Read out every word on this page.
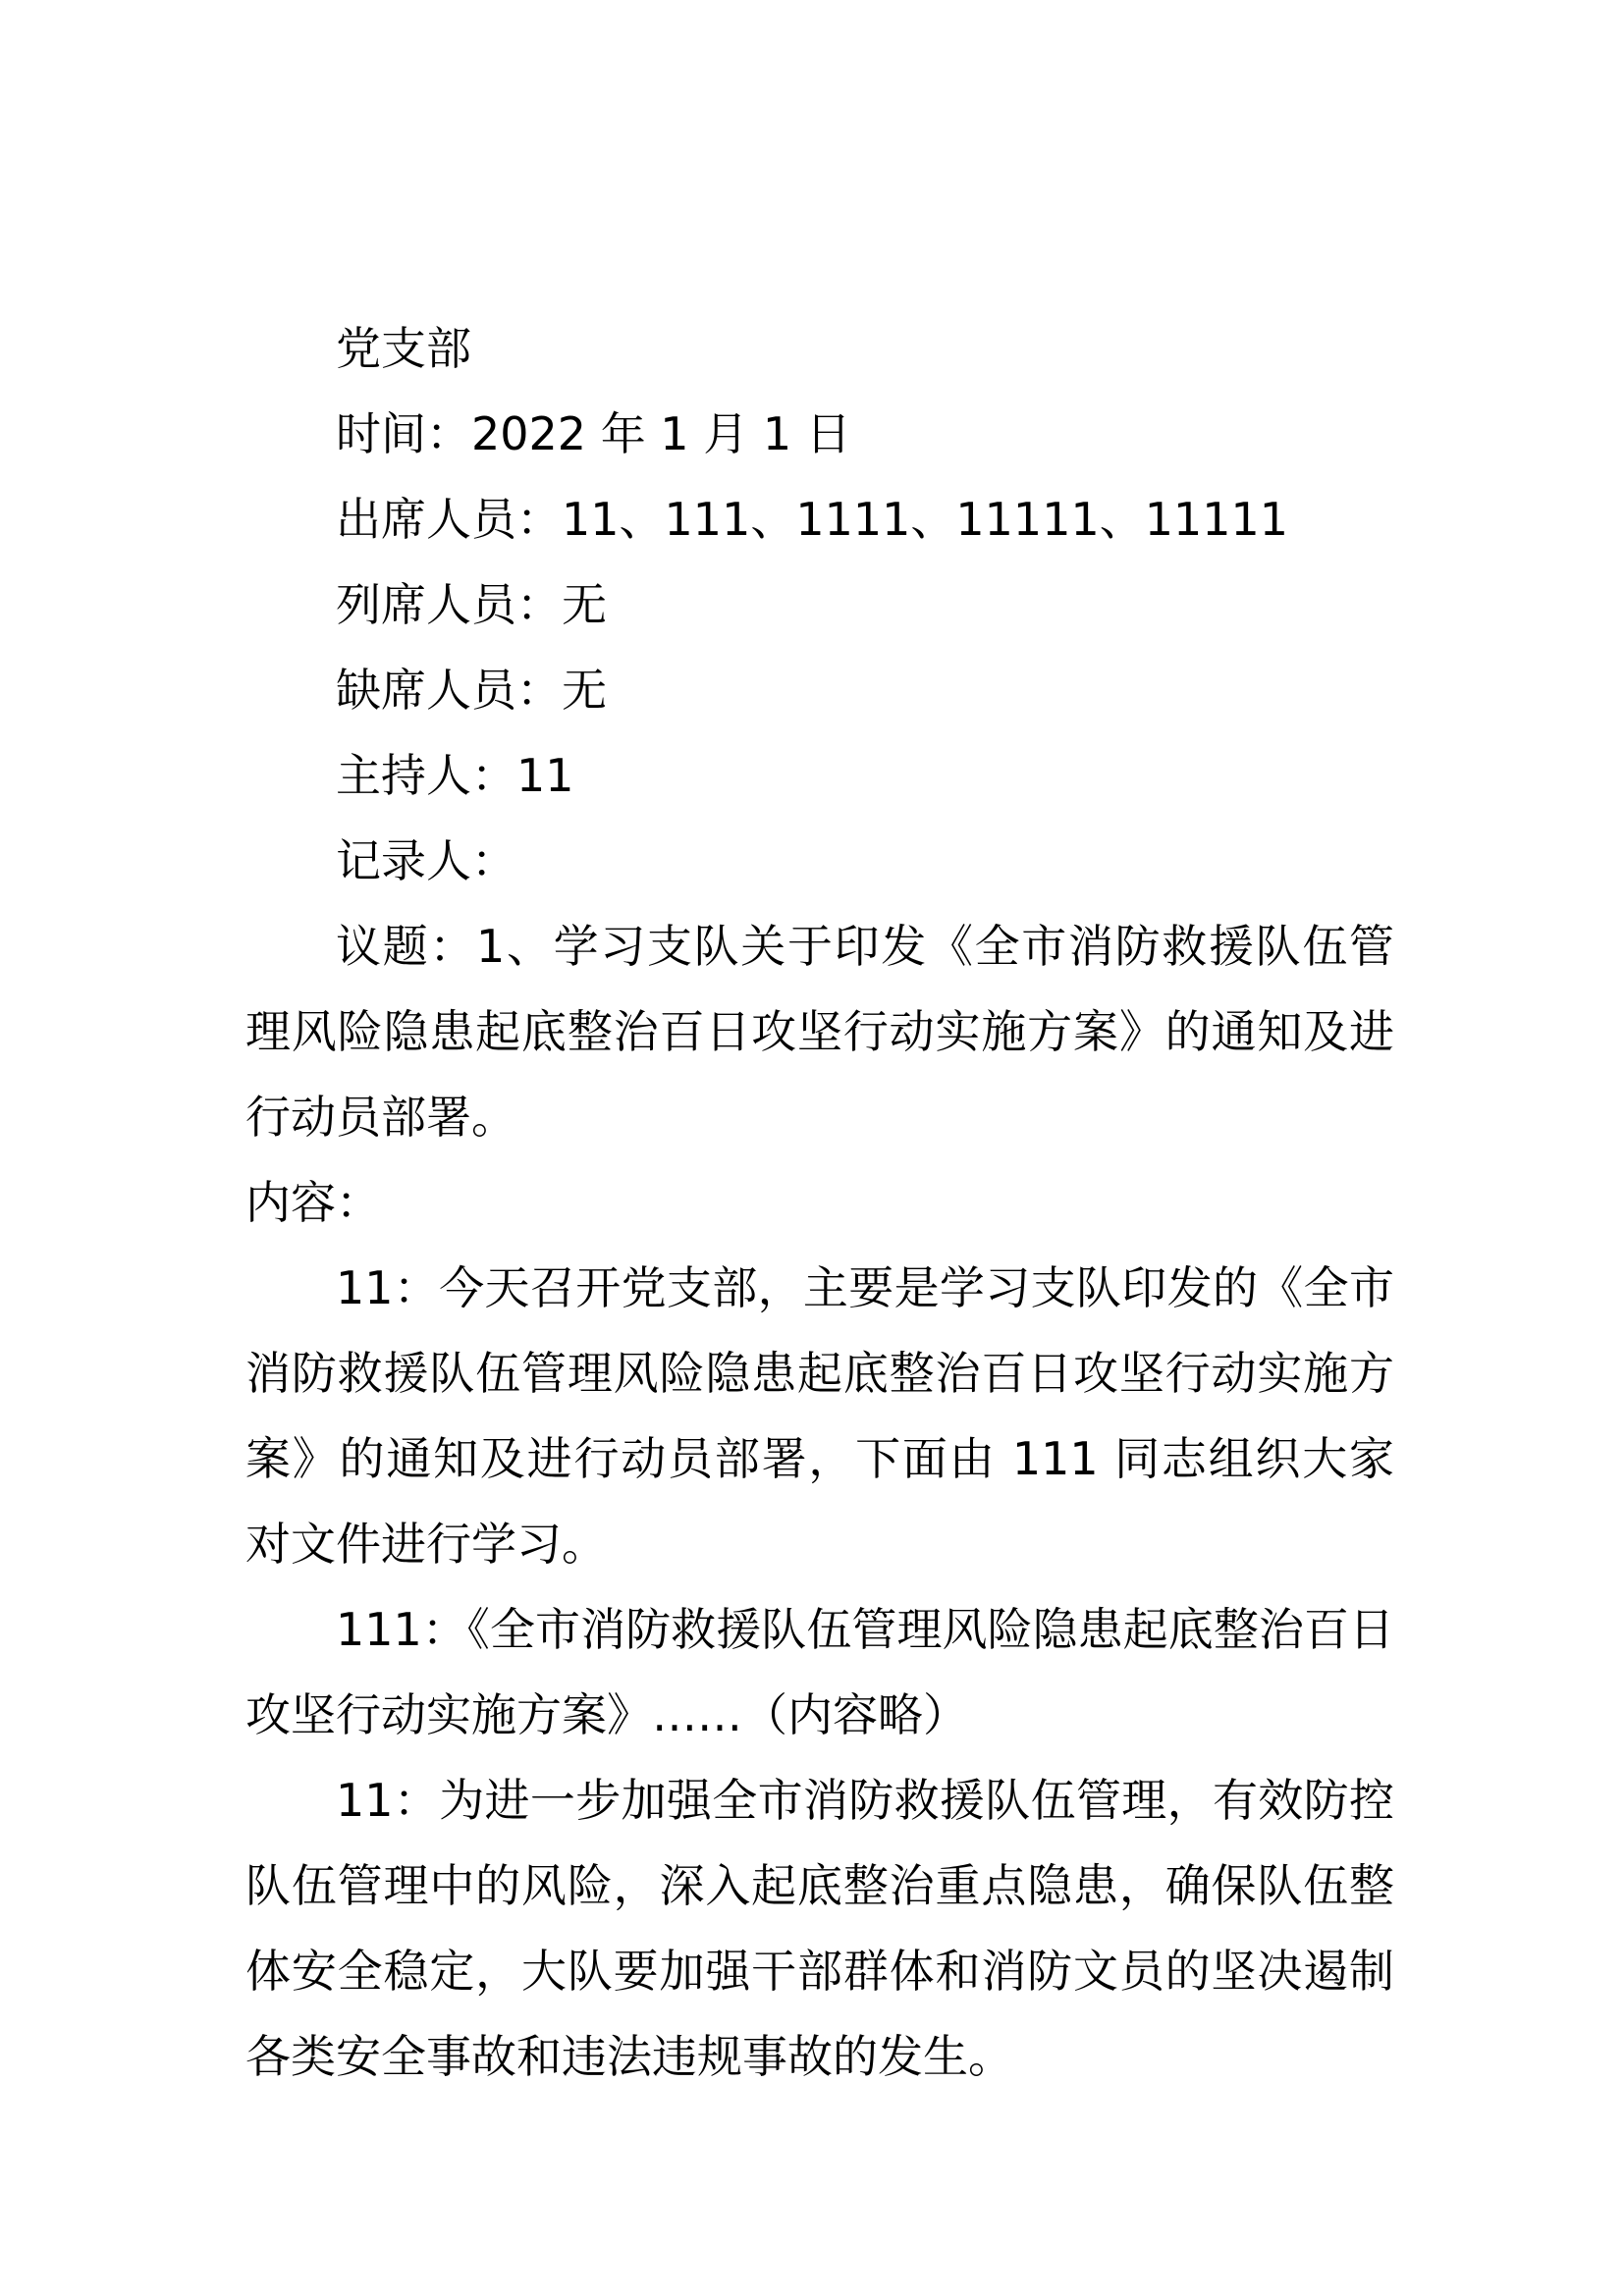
党支部
时间：2022 年 1 月 1 日
出席人员：11、111、1111、11111、11111
列席人员：无
缺席人员：无
主持人：11
记录人：

议题：1、学习支队关于印发《全市消防救援队伍管理风险隐患起底整治百日攻坚行动实施方案》的通知及进行动员部署。

内容：

11：今天召开党支部，主要是学习支队印发的《全市消防救援队伍管理风险隐患起底整治百日攻坚行动实施方案》的通知及进行动员部署，下面由 111 同志组织大家对文件进行学习。

111：《全市消防救援队伍管理风险隐患起底整治百日攻坚行动实施方案》……（内容略）

11：为进一步加强全市消防救援队伍管理，有效防控队伍管理中的风险，深入起底整治重点隐患，确保队伍整体安全稳定，大队要加强干部群体和消防文员的坚决遏制各类安全事故和违法违规事故的发生。
